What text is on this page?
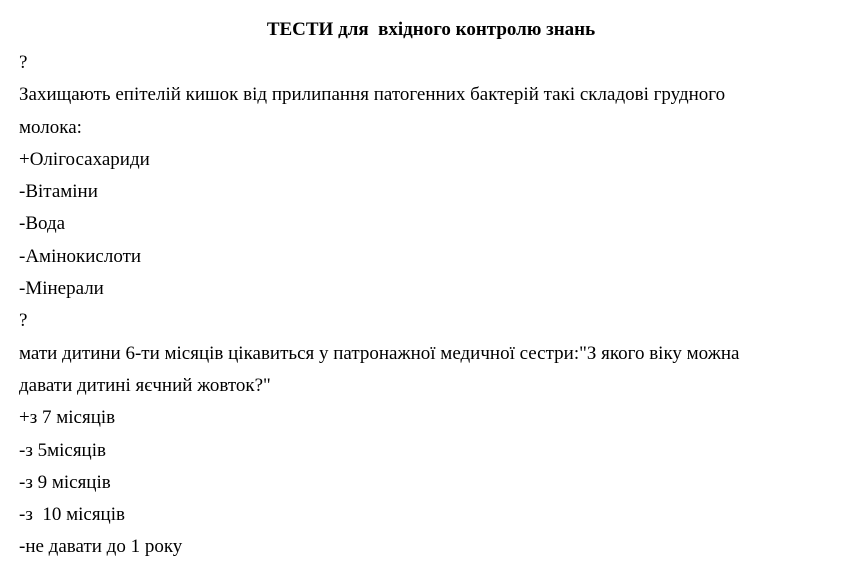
ТЕСТИ для  вхідного контролю знань
?
Захищають епітелій кишок від прилипання патогенних бактерій такі складові грудного
молока:
+Олігосахариди
-Вітаміни
-Вода
-Амінокислоти
-Мінерали
?
мати дитини 6-ти місяців цікавиться у патронажної медичної сестри:"З якого віку можна
давати дитині яєчний жовток?"
+з 7 місяців
-з 5місяців
-з 9 місяців
-з  10 місяців
-не давати до 1 року
